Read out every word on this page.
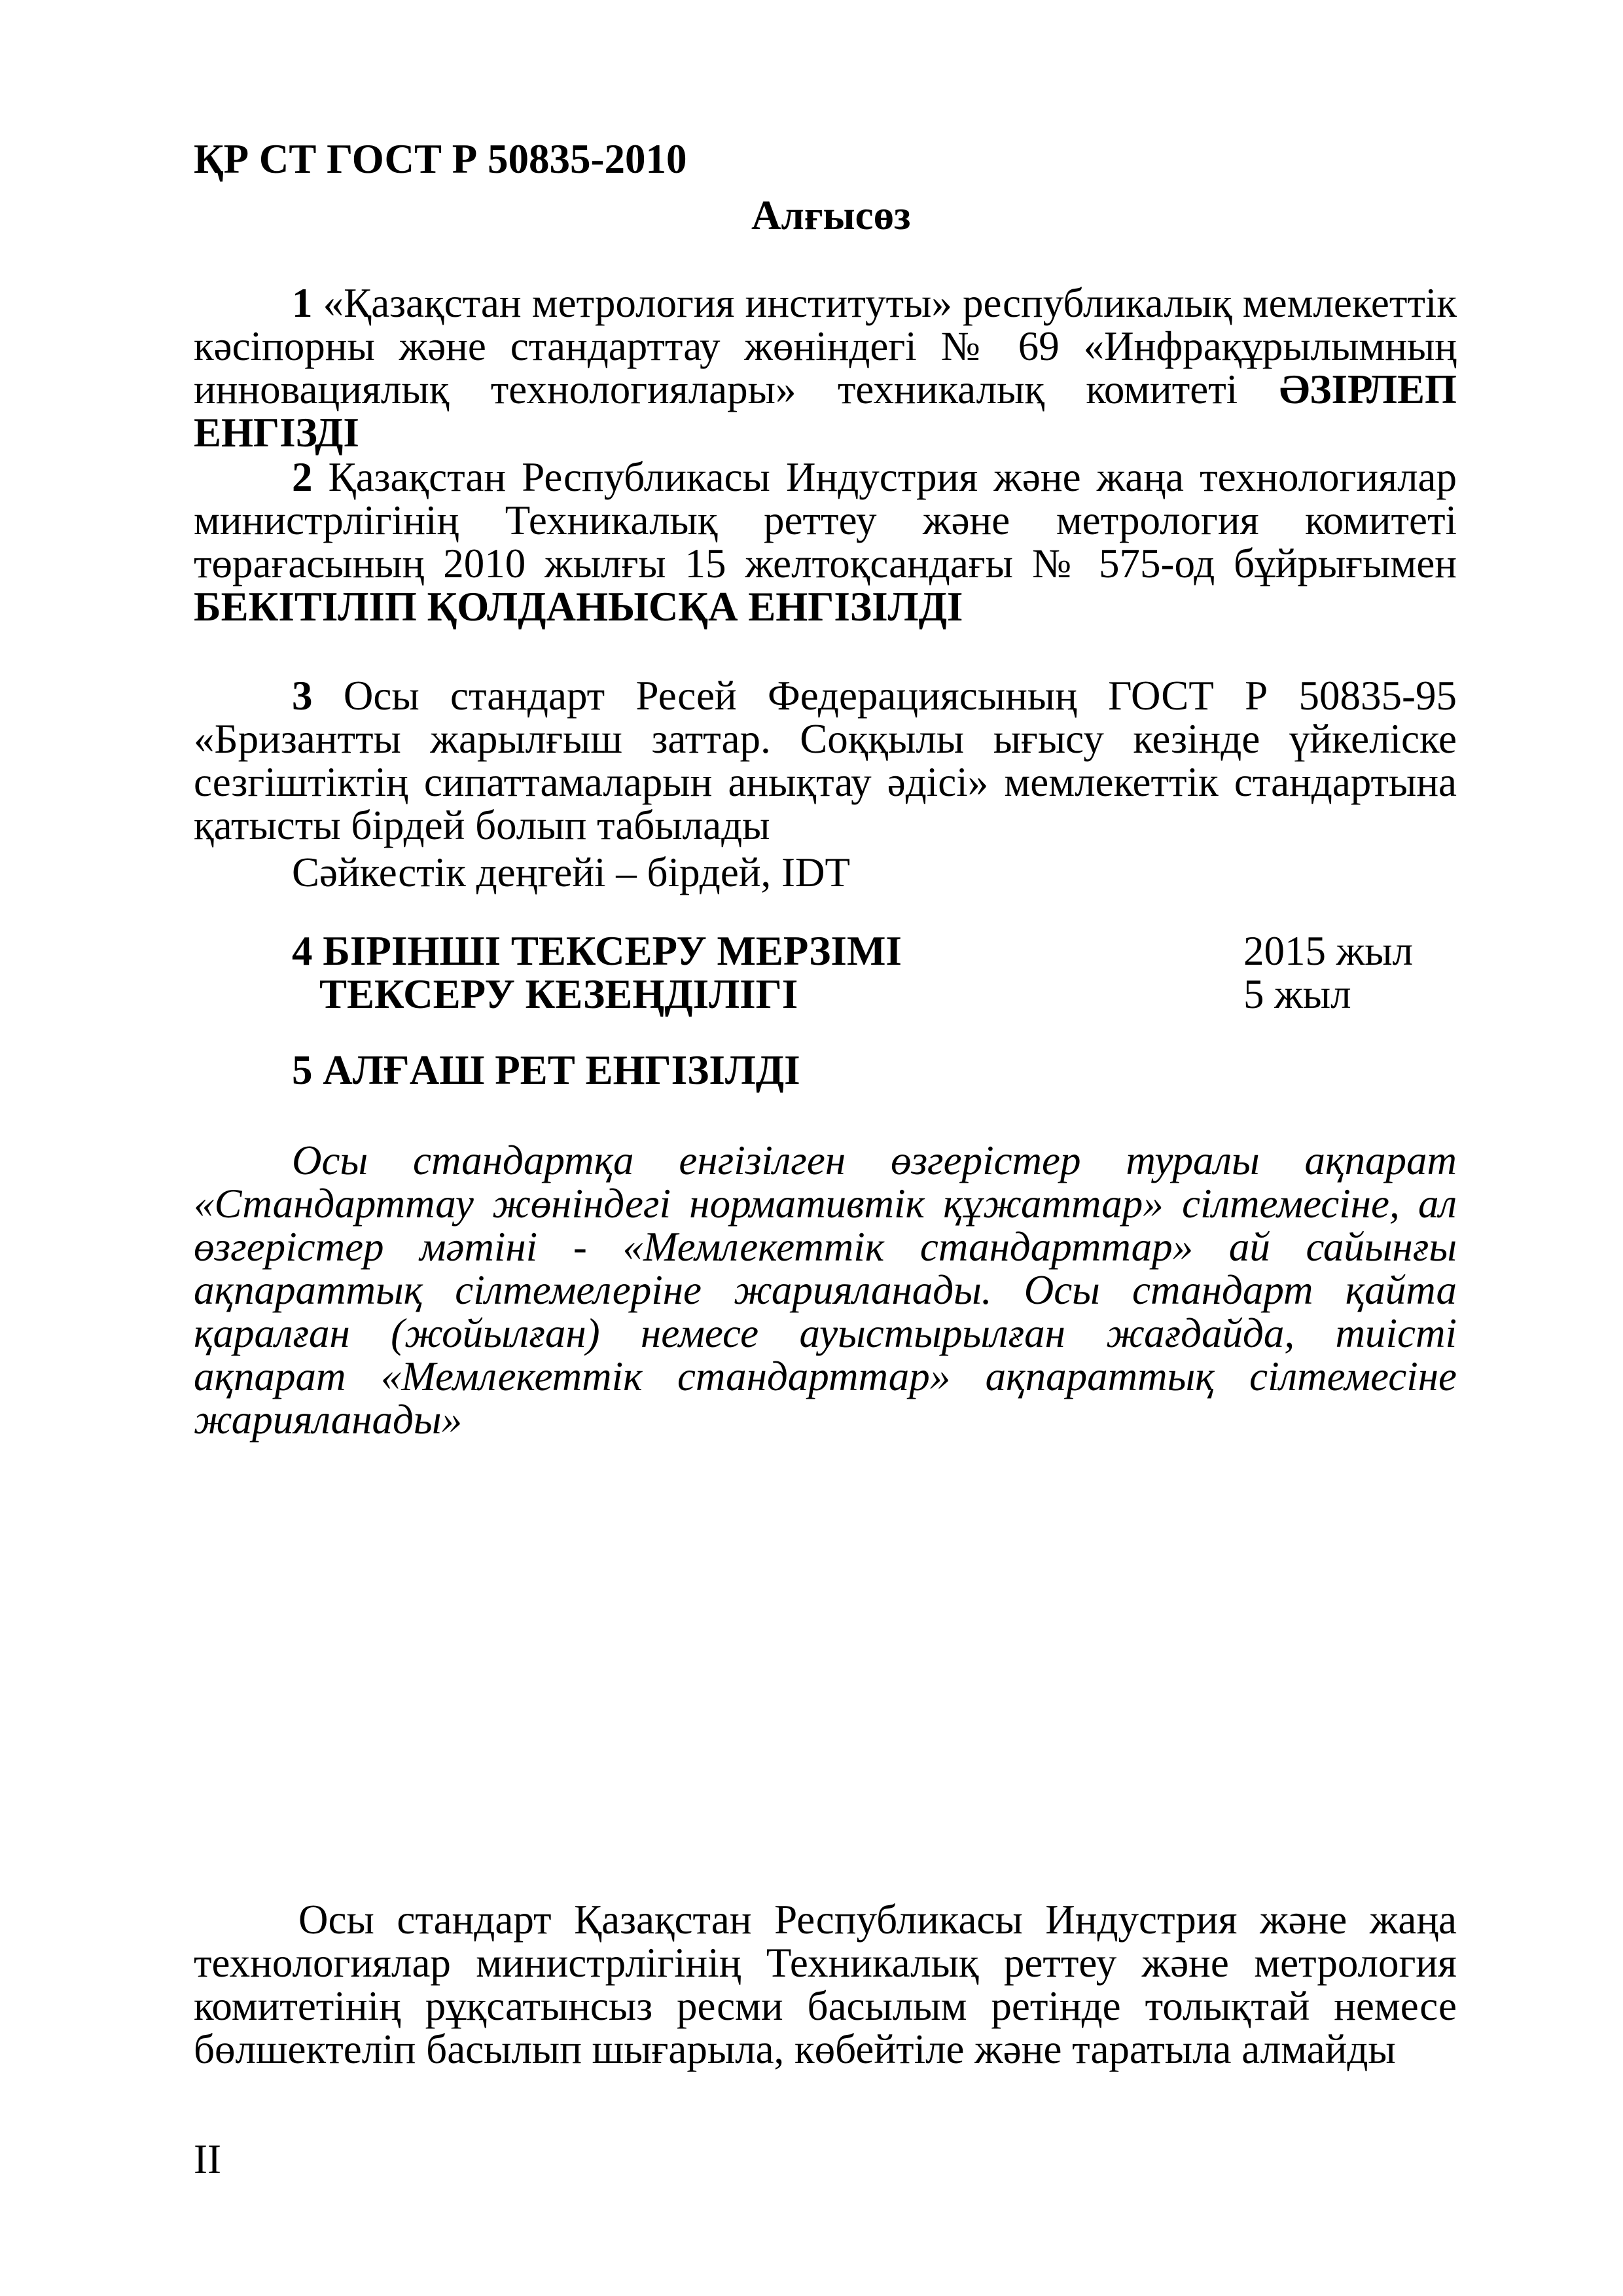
ҚР СТ ГОСТ Р 50835-2010
Алғысөз
1 «Қазақстан метрология институты» республикалық мемлекеттік кәсіпорны және стандарттау жөніндегі № 69 «Инфрақұрылымның инновациялық технологиялары» техникалық комитеті ӘЗІРЛЕП ЕНГІЗДІ
2 Қазақстан Республикасы Индустрия және жаңа технологиялар министрлігінің Техникалық реттеу және метрология комитеті төрағасының 2010 жылғы 15 желтоқсандағы № 575-од бұйрығымен БЕКІТІЛІП ҚОЛДАНЫСҚА ЕНГІЗІЛДІ
3 Осы стандарт Ресей Федерациясының ГОСТ Р 50835-95 «Бризантты жарылғыш заттар. Соққылы ығысу кезінде үйкеліске сезгіштіктің сипаттамаларын анықтау әдісі» мемлекеттік стандартына қатысты бірдей болып табылады
Сәйкестік деңгейі – бірдей, IDT
4 БІРІНШІ ТЕКСЕРУ МЕРЗІМІ	2015 жыл
ТЕКСЕРУ КЕЗЕҢДІЛІГІ	5 жыл
5 АЛҒАШ РЕТ ЕНГІЗІЛДІ
Осы стандартқа енгізілген өзгерістер туралы ақпарат «Стандарттау жөніндегі нормативтік құжаттар» сілтемесіне, ал өзгерістер мәтіні - «Мемлекеттік стандарттар» ай сайынғы ақпараттық сілтемелеріне жарияланады. Осы стандарт қайта қаралған (жойылған) немесе ауыстырылған жағдайда, тиісті ақпарат «Мемлекеттік стандарттар» ақпараттық сілтемесіне жарияланады»
Осы стандарт Қазақстан Республикасы Индустрия және жаңа технологиялар министрлігінің Техникалық реттеу және метрология комитетінің рұқсатынсыз ресми басылым ретінде толықтай немесе бөлшектеліп басылып шығарыла, көбейтіле және таратыла алмайды
II
